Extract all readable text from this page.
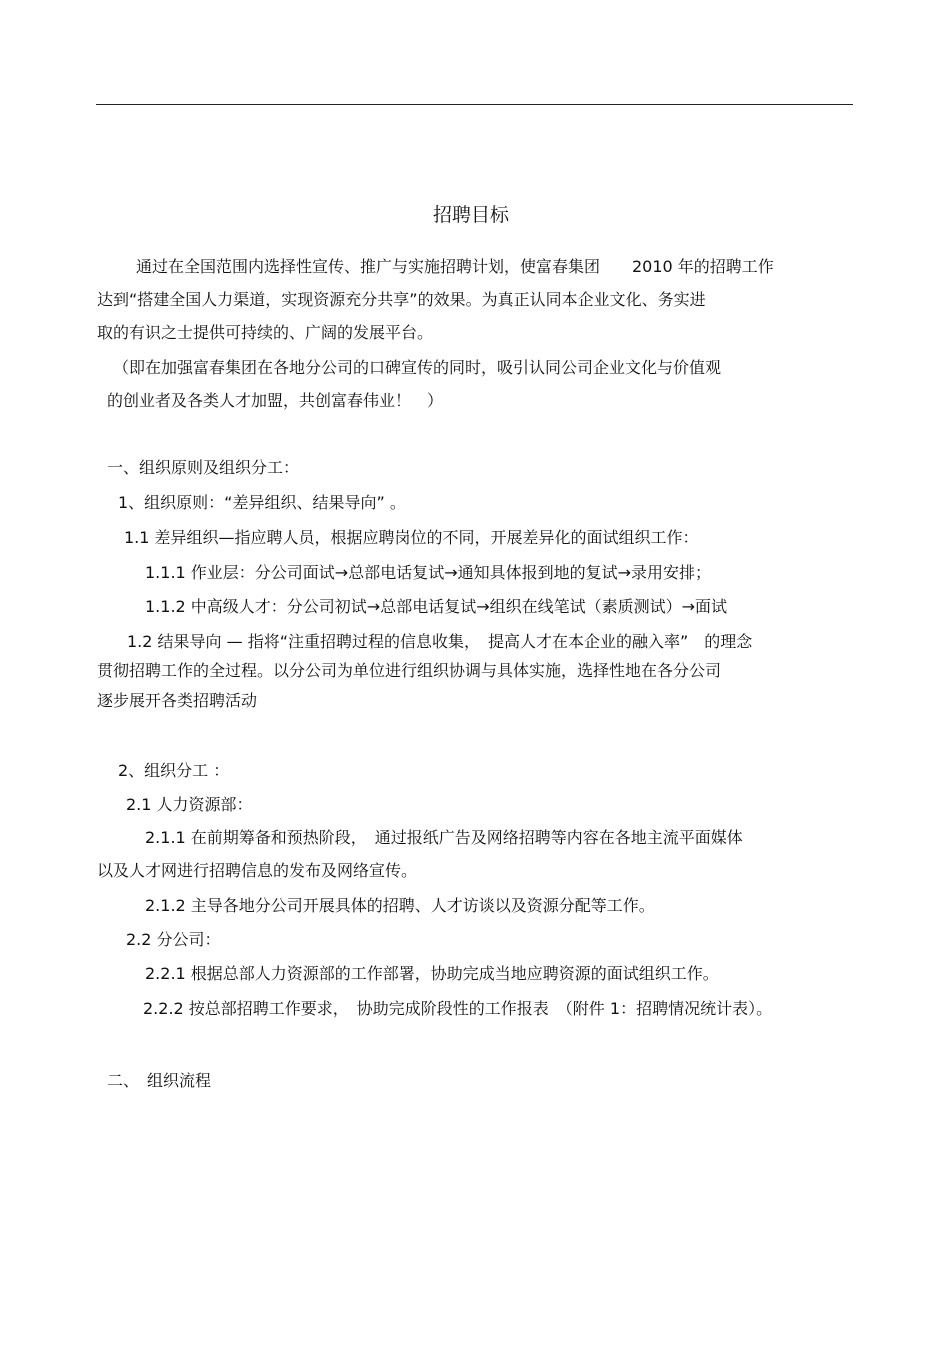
招聘目标
通过在全国范围内选择性宣传、推广与实施招聘计划，使富春集团　　2010 年的招聘工作
达到“搭建全国人力渠道，实现资源充分共享”的效果。为真正认同本企业文化、务实进
取的有识之士提供可持续的、广阔的发展平台。
（即在加强富春集团在各地分公司的口碑宣传的同时，吸引认同公司企业文化与价值观
的创业者及各类人才加盟，共创富春伟业！　）
一、组织原则及组织分工：
1、组织原则：“差异组织、结果导向” 。
1.1 差异组织—指应聘人员，根据应聘岗位的不同，开展差异化的面试组织工作：
1.1.1 作业层：分公司面试→总部电话复试→通知具体报到地的复试→录用安排；
1.1.2 中高级人才：分公司初试→总部电话复试→组织在线笔试（素质测试）→面试
1.2 结果导向 — 指将“注重招聘过程的信息收集，　提高人才在本企业的融入率”　的理念
贯彻招聘工作的全过程。以分公司为单位进行组织协调与具体实施，选择性地在各分公司
逐步展开各类招聘活动
2、组织分工 ：
2.1 人力资源部：
2.1.1 在前期筹备和预热阶段，　通过报纸广告及网络招聘等内容在各地主流平面媒体
以及人才网进行招聘信息的发布及网络宣传。
2.1.2 主导各地分公司开展具体的招聘、人才访谈以及资源分配等工作。
2.2 分公司：
2.2.1 根据总部人力资源部的工作部署，协助完成当地应聘资源的面试组织工作。
2.2.2 按总部招聘工作要求，　协助完成阶段性的工作报表　（附件 1：招聘情况统计表）。
二、　组织流程
